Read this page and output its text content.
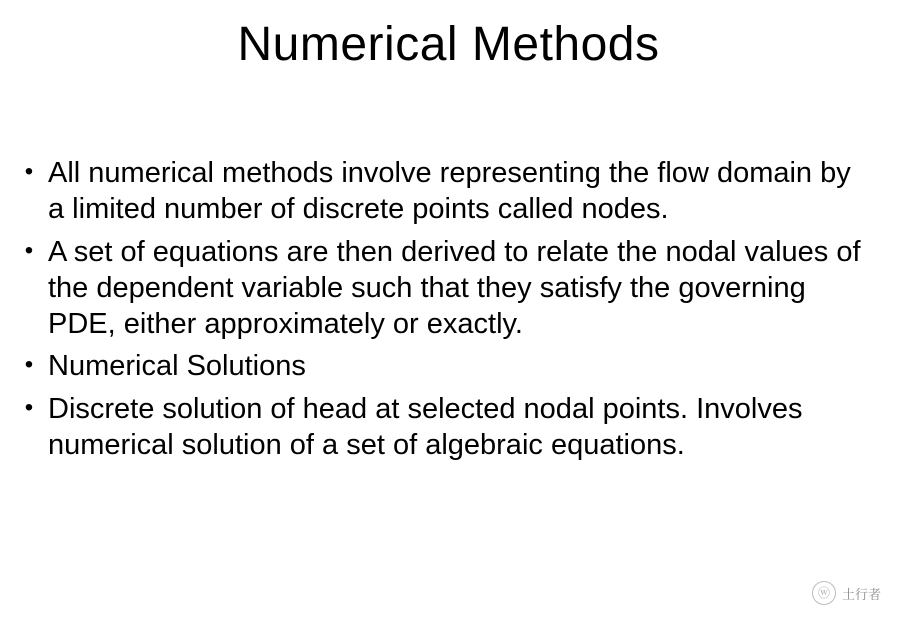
Numerical Methods
• All numerical methods involve representing the flow domain by a limited number of discrete points called nodes.
• A set of equations are then derived to relate the nodal values of the dependent variable such that they satisfy the governing PDE, either approximately or exactly.
• Numerical Solutions
• Discrete solution of head at selected nodal points. Involves numerical solution of a set of algebraic equations.
ⓦ 土行者
